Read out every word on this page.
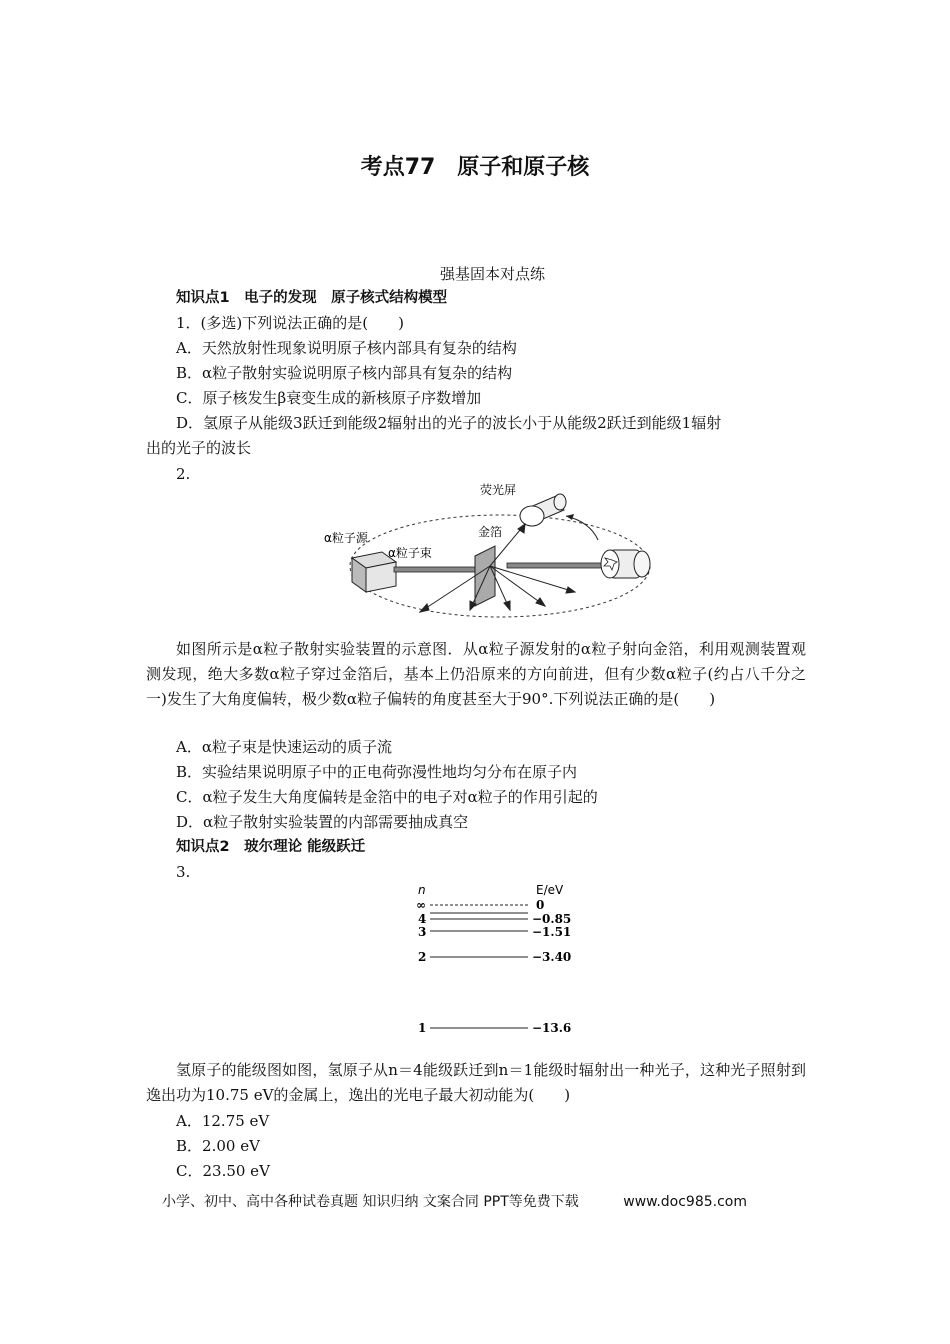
考点77　原子和原子核
强基固本对点练
知识点1　电子的发现　原子核式结构模型
1．(多选)下列说法正确的是(　　)
A．天然放射性现象说明原子核内部具有复杂的结构
B．α粒子散射实验说明原子核内部具有复杂的结构
C．原子核发生β衰变生成的新核原子序数增加
D．氢原子从能级3跃迁到能级2辐射出的光子的波长小于从能级2跃迁到能级1辐射
出的光子的波长
2.
荧光屏
α粒子源
α粒子束
金箔
如图所示是α粒子散射实验装置的示意图．从α粒子源发射的α粒子射向金箔，利用观测装置观测发现，绝大多数α粒子穿过金箔后，基本上仍沿原来的方向前进，但有少数α粒子(约占八千分之一)发生了大角度偏转，极少数α粒子偏转的角度甚至大于90°.下列说法正确的是(　　)
A．α粒子束是快速运动的质子流
B．实验结果说明原子中的正电荷弥漫性地均匀分布在原子内
C．α粒子发生大角度偏转是金箔中的电子对α粒子的作用引起的
D．α粒子散射实验装置的内部需要抽成真空
知识点2　玻尔理论 能级跃迁
3.
n	E/eV
∞	0
4	−0.85
3	−1.51
2	−3.40
1	−13.6
氢原子的能级图如图，氢原子从n＝4能级跃迁到n＝1能级时辐射出一种光子，这种光子照射到逸出功为10.75 eV的金属上，逸出的光电子最大初动能为(　　)
A．12.75 eV
B．2.00 eV
C．23.50 eV
小学、初中、高中各种试卷真题 知识归纳 文案合同 PPT等免费下载	www.doc985.com
